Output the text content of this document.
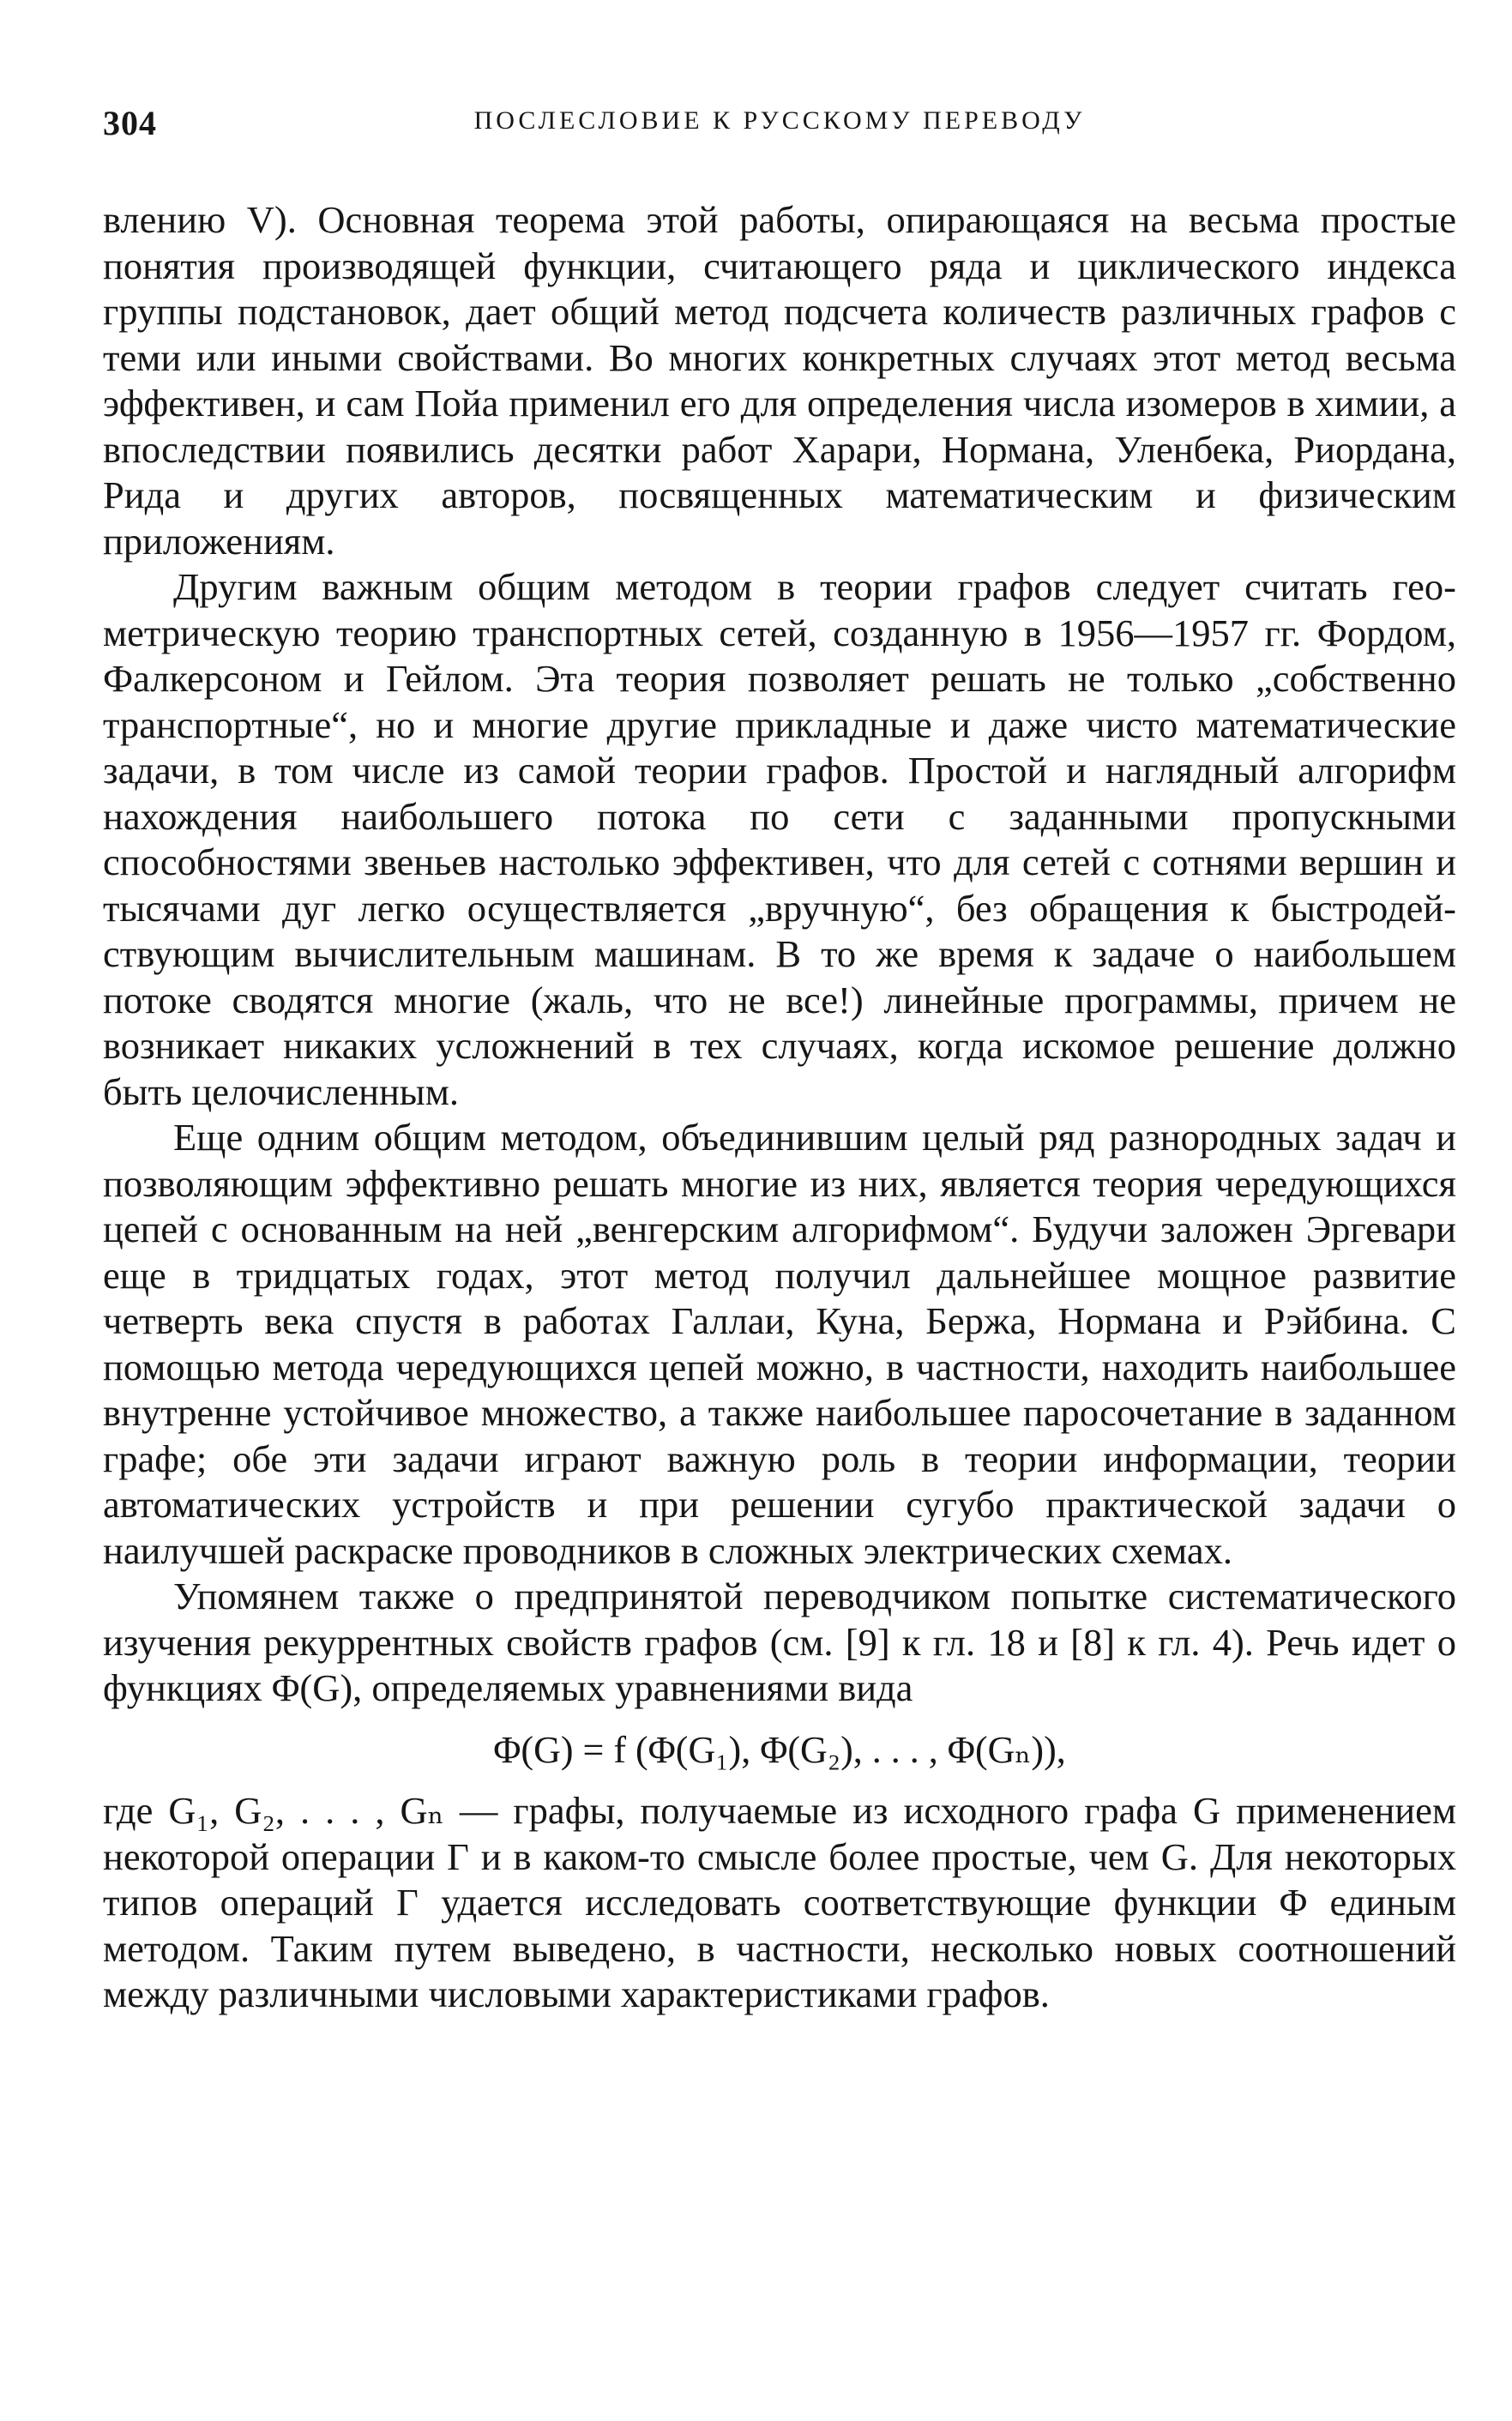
304	ПОСЛЕСЛОВИЕ К РУССКОМУ ПЕРЕВОДУ

влению V). Основная теорема этой работы, опирающаяся на весьма простые понятия производящей функции, считающего ряда и циклического индекса группы подстановок, дает общий метод подсчета количеств различных графов с теми или иными свойствами. Во многих конкретных случаях этот метод весьма эффективен, и сам Пойа применил его для определения числа изомеров в химии, а впоследствии появились десятки работ Харари, Нормана, Уленбека, Риордана, Рида и других авторов, посвященных математическим и физическим приложениям.

Другим важным общим методом в теории графов следует считать геометрическую теорию транспортных сетей, созданную в 1956—1957 гг. Фордом, Фалкерсоном и Гейлом. Эта теория позволяет решать не только „собственно транспортные“, но и многие другие прикладные и даже чисто математические задачи, в том числе из самой теории графов. Простой и наглядный алгорифм нахождения наибольшего потока по сети с заданными пропускными способностями звеньев настолько эффективен, что для сетей с сотнями вершин и тысячами дуг легко осуществляется „вручную“, без обращения к быстродействующим вычислительным машинам. В то же время к задаче о наибольшем потоке сводятся многие (жаль, что не все!) линейные программы, причем не возникает никаких усложнений в тех случаях, когда искомое решение должно быть целочисленным.

Еще одним общим методом, объединившим целый ряд разнородных задач и позволяющим эффективно решать многие из них, является теория чередующихся цепей с основанным на ней „венгерским алгорифмом“. Будучи заложен Эргевари еще в тридцатых годах, этот метод получил дальнейшее мощное развитие четверть века спустя в работах Галлаи, Куна, Бержа, Нормана и Рэйбина. С помощью метода чередующихся цепей можно, в частности, находить наибольшее внутренне устойчивое множество, а также наибольшее паросочетание в заданном графе; обе эти задачи играют важную роль в теории информации, теории автоматических устройств и при решении сугубо практической задачи о наилучшей раскраске проводников в сложных электрических схемах.

Упомянем также о предпринятой переводчиком попытке систематического изучения рекуррентных свойств графов (см. [9] к гл. 18 и [8] к гл. 4). Речь идет о функциях Φ(G), определяемых уравнениями вида

Φ(G) = f (Φ(G₁), Φ(G₂), . . . , Φ(Gₙ)),

где G₁, G₂, . . . , Gₙ — графы, получаемые из исходного графа G применением некоторой операции Γ и в каком-то смысле более простые, чем G. Для некоторых типов операций Γ удается исследовать соответствующие функции Φ единым методом. Таким путем выведено, в частности, несколько новых соотношений между различными числовыми характеристиками графов.
